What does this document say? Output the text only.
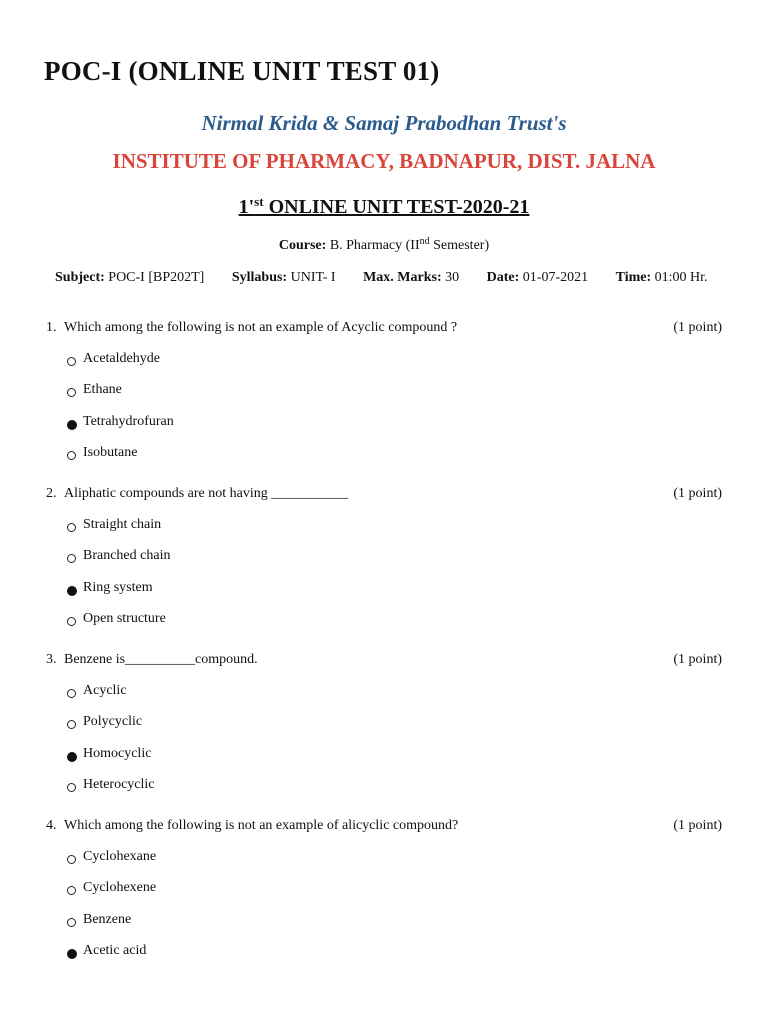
POC-I (ONLINE UNIT TEST 01)
Nirmal Krida & Samaj Prabodhan Trust's
INSTITUTE OF PHARMACY, BADNAPUR, DIST. JALNA
$1'^{st}$ ONLINE UNIT TEST-2020-21
Course: B. Pharmacy (IInd Semester)
Subject: POC-I [BP202T] Syllabus: UNIT- I Max. Marks: 30 Date: 01-07-2021 Time: 01:00 Hr.
1. Which among the following is not an example of Acyclic compound ?	(1 point)
Acetaldehyde
Ethane
Tetrahydrofuran
Isobutane
2. Aliphatic compounds are not having ___________	(1 point)
Straight chain
Branched chain
Ring system
Open structure
3. Benzene is__________compound.	(1 point)
Acyclic
Polycyclic
Homocyclic
Heterocyclic
4. Which among the following is not an example of alicyclic compound?	(1 point)
Cyclohexane
Cyclohexene
Benzene
Acetic acid
